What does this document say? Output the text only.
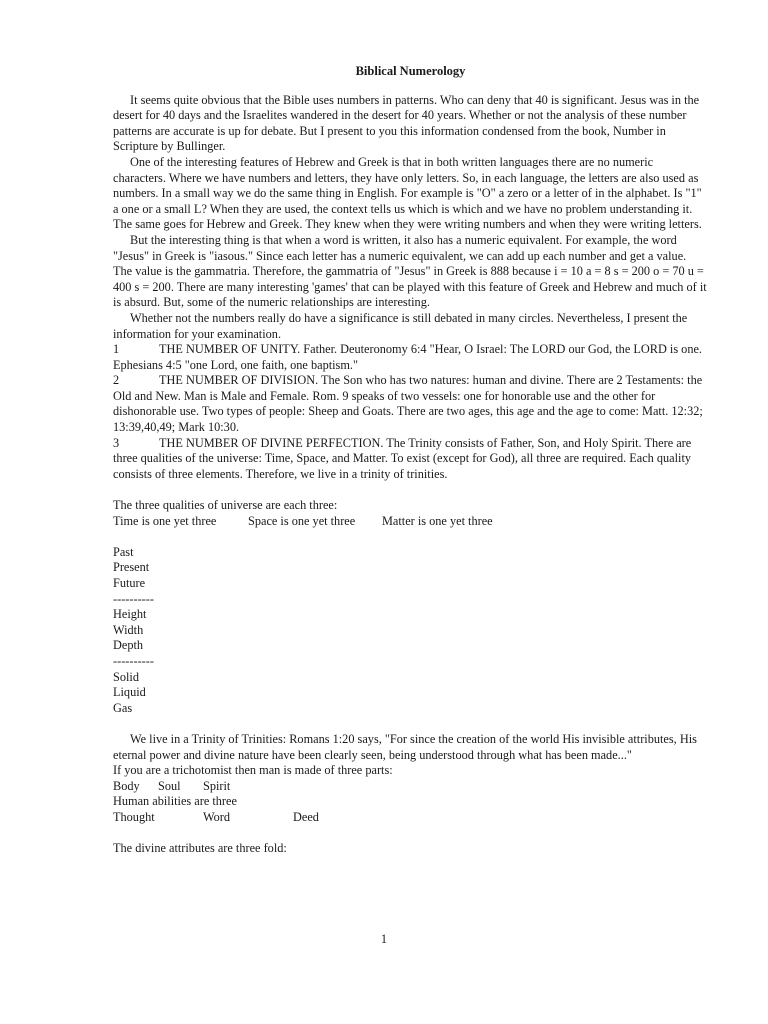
Biblical Numerology

It seems quite obvious that the Bible uses numbers in patterns. Who can deny that 40 is significant. Jesus was in the desert for 40 days and the Israelites wandered in the desert for 40 years. Whether or not the analysis of these number patterns are accurate is up for debate. But I present to you this information condensed from the book, Number in Scripture by Bullinger.

One of the interesting features of Hebrew and Greek is that in both written languages there are no numeric characters. Where we have numbers and letters, they have only letters. So, in each language, the letters are also used as numbers. In a small way we do the same thing in English. For example is "O" a zero or a letter of in the alphabet. Is "1" a one or a small L? When they are used, the context tells us which is which and we have no problem understanding it. The same goes for Hebrew and Greek. They knew when they were writing numbers and when they were writing letters.

But the interesting thing is that when a word is written, it also has a numeric equivalent. For example, the word "Jesus" in Greek is "iasous." Since each letter has a numeric equivalent, we can add up each number and get a value. The value is the gammatria. Therefore, the gammatria of "Jesus" in Greek is 888 because i = 10 a = 8 s = 200 o = 70 u = 400 s = 200. There are many interesting 'games' that can be played with this feature of Greek and Hebrew and much of it is absurd. But, some of the numeric relationships are interesting.

Whether not the numbers really do have a significance is still debated in many circles. Nevertheless, I present the information for your examination.

1	THE NUMBER OF UNITY. Father. Deuteronomy 6:4 "Hear, O Israel: The LORD our God, the LORD is one. Ephesians 4:5 "one Lord, one faith, one baptism."

2	THE NUMBER OF DIVISION. The Son who has two natures: human and divine. There are 2 Testaments: the Old and New. Man is Male and Female. Rom. 9 speaks of two vessels: one for honorable use and the other for dishonorable use. Two types of people: Sheep and Goats. There are two ages, this age and the age to come: Matt. 12:32; 13:39,40,49; Mark 10:30.

3	THE NUMBER OF DIVINE PERFECTION. The Trinity consists of Father, Son, and Holy Spirit. There are three qualities of the universe: Time, Space, and Matter. To exist (except for God), all three are required. Each quality consists of three elements. Therefore, we live in a trinity of trinities.

The three qualities of universe are each three:

Time is one yet three	Space is one yet three Matter is one yet three

Past

Present

Future

----------

Height

Width

Depth

----------

Solid

Liquid

Gas

We live in a Trinity of Trinities: Romans 1:20 says, "For since the creation of the world His invisible attributes, His eternal power and divine nature have been clearly seen, being understood through what has been made..."

If you are a trichotomist then man is made of three parts:

Body Soul Spirit

Human abilities are three

Thought	Word	Deed

The divine attributes are three fold:

1
